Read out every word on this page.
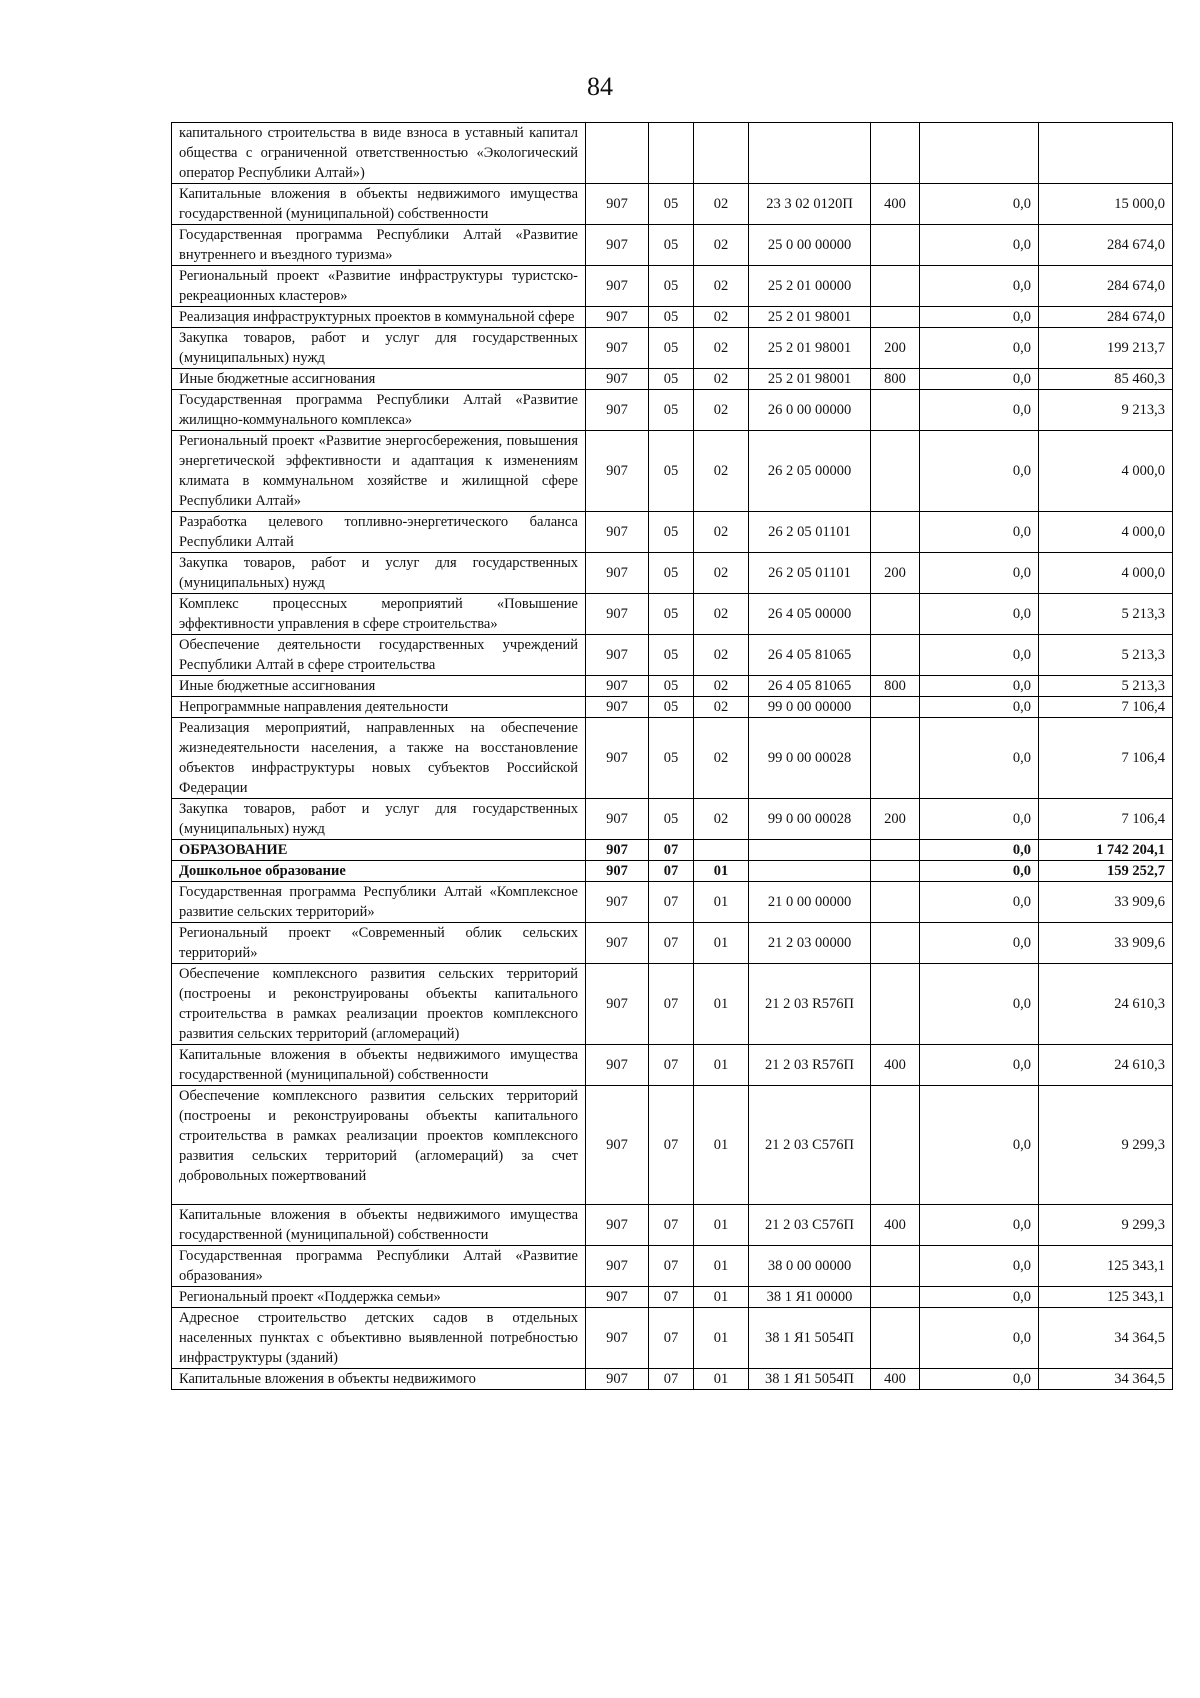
84
капитального строительства в виде взноса в уставный капитал общества с ограниченной ответственностью «Экологический оператор Республики Алтай»)							
Капитальные вложения в объекты недвижимого имущества государственной (муниципальной) собственности	907	05	02	23 3 02 0120П	400	0,0	15 000,0
Государственная программа Республики Алтай «Развитие внутреннего и въездного туризма»	907	05	02	25 0 00 00000		0,0	284 674,0
Региональный проект «Развитие инфраструктуры туристско-рекреационных кластеров»	907	05	02	25 2 01 00000		0,0	284 674,0
Реализация инфраструктурных проектов в коммунальной сфере	907	05	02	25 2 01 98001		0,0	284 674,0
Закупка товаров, работ и услуг для государственных (муниципальных) нужд	907	05	02	25 2 01 98001	200	0,0	199 213,7
Иные бюджетные ассигнования	907	05	02	25 2 01 98001	800	0,0	85 460,3
Государственная программа Республики Алтай «Развитие жилищно-коммунального комплекса»	907	05	02	26 0 00 00000		0,0	9 213,3
Региональный проект «Развитие энергосбережения, повышения энергетической эффективности и адаптация к изменениям климата в коммунальном хозяйстве и жилищной сфере Республики Алтай»	907	05	02	26 2 05 00000		0,0	4 000,0
Разработка целевого топливно-энергетического баланса Республики Алтай	907	05	02	26 2 05 01101		0,0	4 000,0
Закупка товаров, работ и услуг для государственных (муниципальных) нужд	907	05	02	26 2 05 01101	200	0,0	4 000,0
Комплекс процессных мероприятий «Повышение эффективности управления в сфере строительства»	907	05	02	26 4 05 00000		0,0	5 213,3
Обеспечение деятельности государственных учреждений Республики Алтай в сфере строительства	907	05	02	26 4 05 81065		0,0	5 213,3
Иные бюджетные ассигнования	907	05	02	26 4 05 81065	800	0,0	5 213,3
Непрограммные направления деятельности	907	05	02	99 0 00 00000		0,0	7 106,4
Реализация мероприятий, направленных на обеспечение жизнедеятельности населения, а также на восстановление объектов инфраструктуры новых субъектов Российской Федерации	907	05	02	99 0 00 00028		0,0	7 106,4
Закупка товаров, работ и услуг для государственных (муниципальных) нужд	907	05	02	99 0 00 00028	200	0,0	7 106,4
ОБРАЗОВАНИЕ	907	07				0,0	1 742 204,1
Дошкольное образование	907	07	01			0,0	159 252,7
Государственная программа Республики Алтай «Комплексное развитие сельских территорий»	907	07	01	21 0 00 00000		0,0	33 909,6
Региональный проект «Современный облик сельских территорий»	907	07	01	21 2 03 00000		0,0	33 909,6
Обеспечение комплексного развития сельских территорий (построены и реконструированы объекты капитального строительства в рамках реализации проектов комплексного развития сельских территорий (агломераций)	907	07	01	21 2 03 R576П		0,0	24 610,3
Капитальные вложения в объекты недвижимого имущества государственной (муниципальной) собственности	907	07	01	21 2 03 R576П	400	0,0	24 610,3
Обеспечение комплексного развития сельских территорий (построены и реконструированы объекты капитального строительства в рамках реализации проектов комплексного развития сельских территорий (агломераций) за счет добровольных пожертвований	907	07	01	21 2 03 С576П		0,0	9 299,3
Капитальные вложения в объекты недвижимого имущества государственной (муниципальной) собственности	907	07	01	21 2 03 С576П	400	0,0	9 299,3
Государственная программа Республики Алтай «Развитие образования»	907	07	01	38 0 00 00000		0,0	125 343,1
Региональный проект «Поддержка семьи»	907	07	01	38 1 Я1 00000		0,0	125 343,1
Адресное строительство детских садов в отдельных населенных пунктах с объективно выявленной потребностью инфраструктуры (зданий)	907	07	01	38 1 Я1 5054П		0,0	34 364,5
Капитальные вложения в объекты недвижимого	907	07	01	38 1 Я1 5054П	400	0,0	34 364,5
